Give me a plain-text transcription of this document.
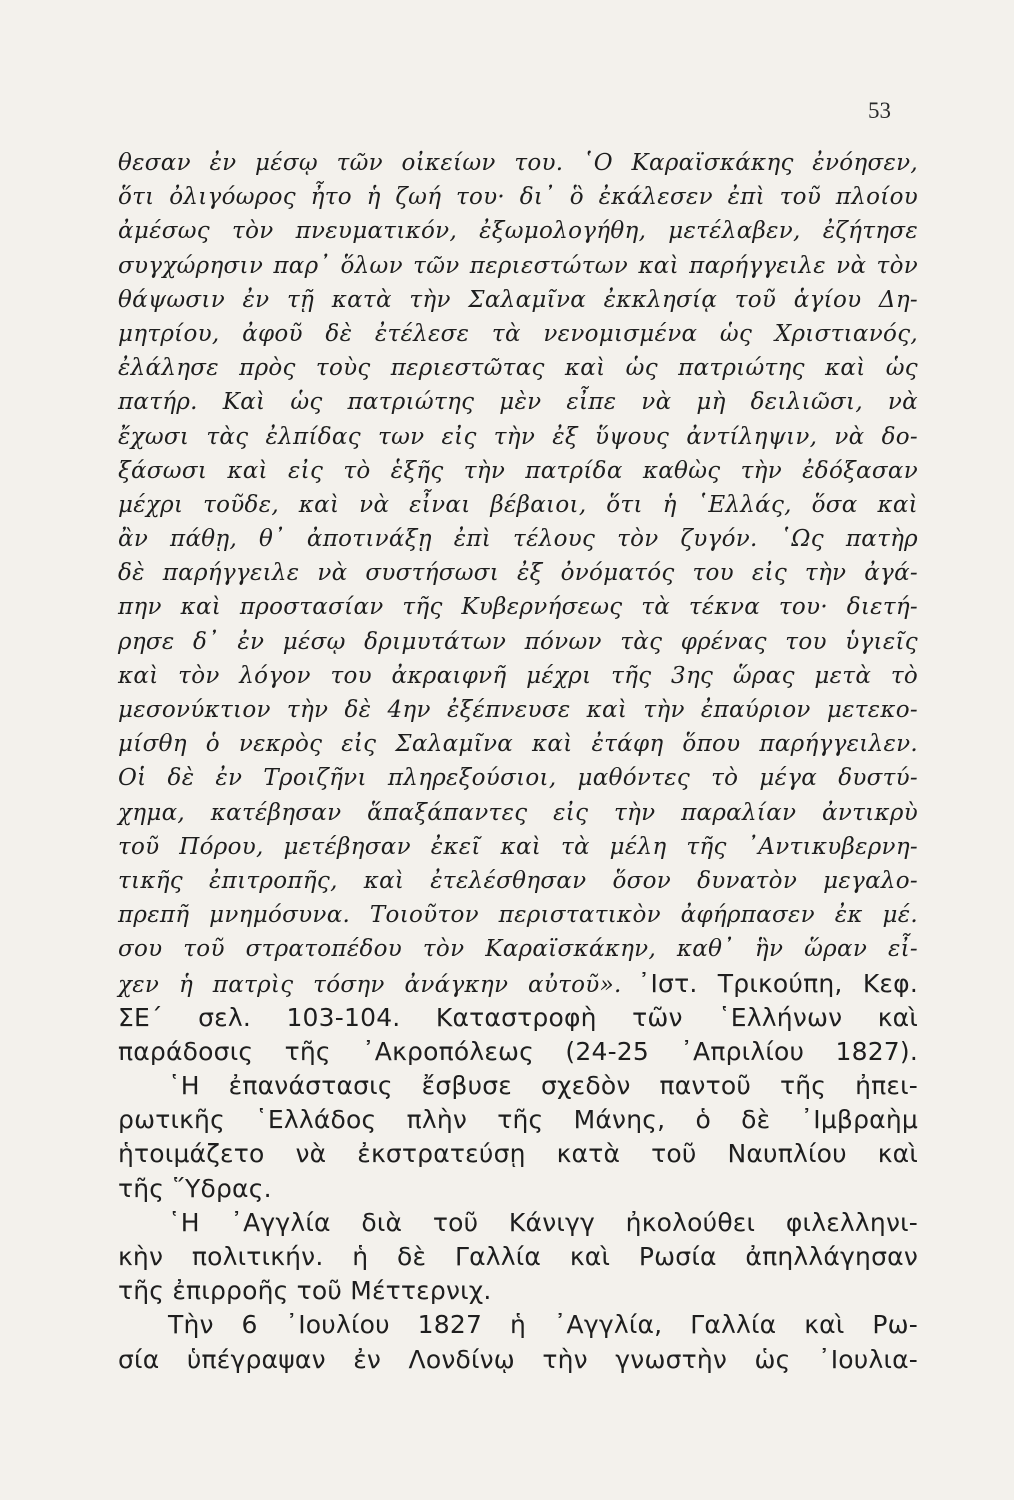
53
θεσαν ἐν μέσῳ τῶν οἰκείων του. ῾Ο Καραϊσκάκης ἐνόησεν,
ὅτι ὀλιγόωρος ἦτο ἡ ζωή του· δι᾽ ὃ ἐκάλεσεν ἐπὶ τοῦ πλοίου
ἀμέσως τὸν πνευματικόν, ἐξωμολογήθη, μετέλαβεν, ἐζήτησε
συγχώρησιν παρ᾽ ὅλων τῶν περιεστώτων καὶ παρήγγειλε νὰ τὸν
θάψωσιν ἐν τῇ κατὰ τὴν Σαλαμῖνα ἐκκλησίᾳ τοῦ ἁγίου Δη-
μητρίου, ἀφοῦ δὲ ἐτέλεσε τὰ νενομισμένα ὡς Χριστιανός,
ἐλάλησε πρὸς τοὺς περιεστῶτας καὶ ὡς πατριώτης καὶ ὡς
πατήρ. Καὶ ὡς πατριώτης μὲν εἶπε νὰ μὴ δειλιῶσι, νὰ
ἔχωσι τὰς ἐλπίδας των εἰς τὴν ἐξ ὕψους ἀντίληψιν, νὰ δο-
ξάσωσι καὶ εἰς τὸ ἑξῆς τὴν πατρίδα καθὼς τὴν ἐδόξασαν
μέχρι τοῦδε, καὶ νὰ εἶναι βέβαιοι, ὅτι ἡ ῾Ελλάς, ὅσα καὶ
ἂν πάθῃ, θ᾽ ἀποτινάξῃ ἐπὶ τέλους τὸν ζυγόν. ῾Ως πατὴρ
δὲ παρήγγειλε νὰ συστήσωσι ἐξ ὀνόματός του εἰς τὴν ἀγά-
πην καὶ προστασίαν τῆς Κυβερνήσεως τὰ τέκνα του· διετή-
ρησε δ᾽ ἐν μέσῳ δριμυτάτων πόνων τὰς φρένας του ὑγιεῖς
καὶ τὸν λόγον του ἀκραιφνῆ μέχρι τῆς 3ης ὥρας μετὰ τὸ
μεσονύκτιον τὴν δὲ 4ην ἐξέπνευσε καὶ τὴν ἐπαύριον μετεκο-
μίσθη ὁ νεκρὸς εἰς Σαλαμῖνα καὶ ἐτάφη ὅπου παρήγγειλεν.
Οἱ δὲ ἐν Τροιζῆνι πληρεξούσιοι, μαθόντες τὸ μέγα δυστύ-
χημα, κατέβησαν ἅπαξάπαντες εἰς τὴν παραλίαν ἀντικρὺ
τοῦ Πόρου, μετέβησαν ἐκεῖ καὶ τὰ μέλη τῆς ᾽Αντικυβερνη-
τικῆς ἐπιτροπῆς, καὶ ἐτελέσθησαν ὅσον δυνατὸν μεγαλο-
πρεπῆ μνημόσυνα. Τοιοῦτον περιστατικὸν ἀφήρπασεν ἐκ μέ.
σου τοῦ στρατοπέδου τὸν Καραϊσκάκην, καθ᾽ ἣν ὥραν εἶ-
χεν ἡ πατρὶς τόσην ἀνάγκην αὐτοῦ». ᾽Ιστ. Τρικούπη, Κεφ.
ΣΕ΄ σελ. 103-104. Καταστροφὴ τῶν ῾Ελλήνων καὶ
παράδοσις τῆς ᾽Ακροπόλεως (24-25 ᾽Απριλίου 1827).
῾Η ἐπανάστασις ἔσβυσε σχεδὸν παντοῦ τῆς ἠπει-
ρωτικῆς ῾Ελλάδος πλὴν τῆς Μάνης, ὁ δὲ ᾽Ιμβραὴμ
ἡτοιμάζετο νὰ ἐκστρατεύσῃ κατὰ τοῦ Ναυπλίου καὶ
τῆς ῞Υδρας.
῾Η ᾽Αγγλία διὰ τοῦ Κάνιγγ ἠκολούθει φιλελληνι-
κὴν πολιτικήν. ἡ δὲ Γαλλία καὶ Ρωσία ἀπηλλάγησαν
τῆς ἐπιρροῆς τοῦ Μέττερνιχ.
Τὴν 6 ᾽Ιουλίου 1827 ἡ ᾽Αγγλία, Γαλλία καὶ Ρω-
σία ὑπέγραψαν ἐν Λονδίνῳ τὴν γνωστὴν ὡς ᾽Ιουλια-
